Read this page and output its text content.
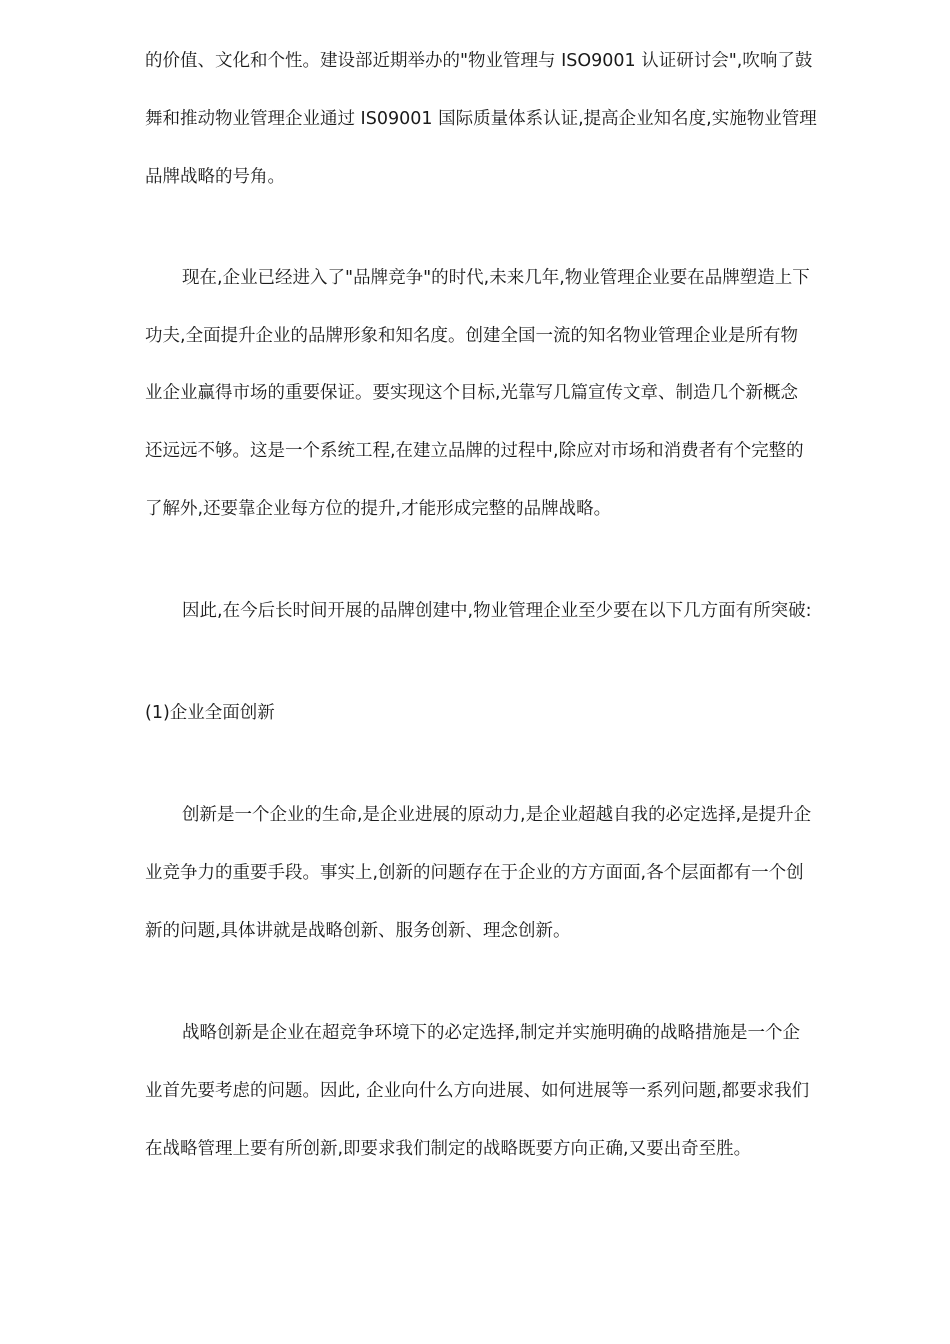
的价值、文化和个性。建设部近期举办的"物业管理与 ISO9001 认证研讨会",吹响了鼓
舞和推动物业管理企业通过 IS09001 国际质量体系认证,提高企业知名度,实施物业管理
品牌战略的号角。
现在,企业已经进入了"品牌竞争"的时代,未来几年,物业管理企业要在品牌塑造上下
功夫,全面提升企业的品牌形象和知名度。创建全国一流的知名物业管理企业是所有物
业企业赢得市场的重要保证。要实现这个目标,光靠写几篇宣传文章、制造几个新概念
还远远不够。这是一个系统工程,在建立品牌的过程中,除应对市场和消费者有个完整的
了解外,还要靠企业每方位的提升,才能形成完整的品牌战略。
因此,在今后长时间开展的品牌创建中,物业管理企业至少要在以下几方面有所突破:
(1)企业全面创新
创新是一个企业的生命,是企业进展的原动力,是企业超越自我的必定选择,是提升企
业竞争力的重要手段。事实上,创新的问题存在于企业的方方面面,各个层面都有一个创
新的问题,具体讲就是战略创新、服务创新、理念创新。
战略创新是企业在超竞争环境下的必定选择,制定并实施明确的战略措施是一个企
业首先要考虑的问题。因此, 企业向什么方向进展、如何进展等一系列问题,都要求我们
在战略管理上要有所创新,即要求我们制定的战略既要方向正确,又要出奇至胜。
